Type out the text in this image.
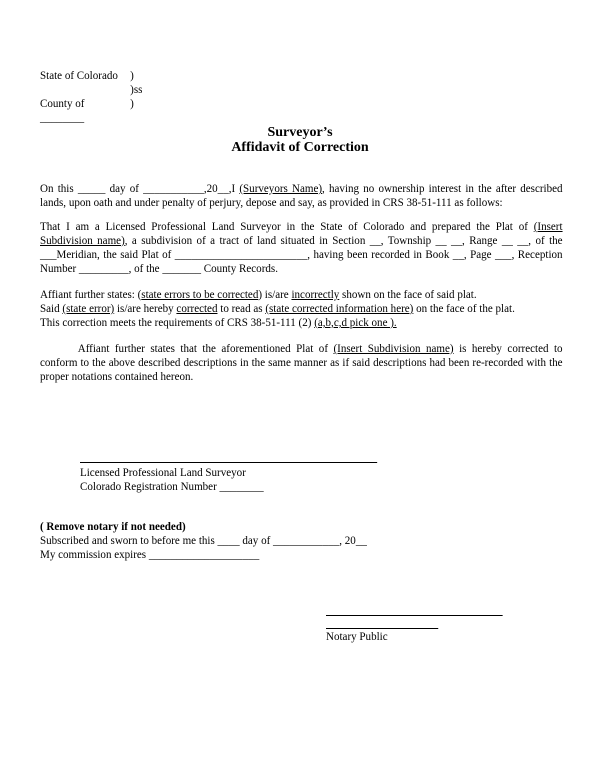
State of Colorado	)
)ss
County of ________
)
Surveyor’s
Affidavit of Correction

On this _____ day of ___________,20__,I (Surveyors Name), having no ownership interest in the after described lands, upon oath and under penalty of perjury, depose and say, as provided in CRS 38-51-111 as follows:

That I am a Licensed Professional Land Surveyor in the State of Colorado and prepared the Plat of (Insert Subdivision name), a subdivision of a tract of land situated in Section __, Township __ __, Range __ __, of the ___Meridian, the said Plat of ________________________, having been recorded in Book __, Page ___, Reception Number _________, of the _______ County Records.

Affiant further states: (state errors to be corrected) is/are incorrectly shown on the face of said plat.
Said (state error) is/are hereby corrected to read as (state corrected information here) on the face of the plat.
This correction meets the requirements of CRS 38-51-111 (2) (a,b,c,d pick one ).

Affiant further states that the aforementioned Plat of (Insert Subdivision name) is hereby corrected to conform to the above described descriptions in the same manner as if said descriptions had been re-recorded with the proper notations contained hereon.

Licensed Professional Land Surveyor
Colorado Registration Number ________
( Remove notary if not needed)
Subscribed and sworn to before me this ____ day of ____________, 20__
My commission expires ____________________
Notary Public
